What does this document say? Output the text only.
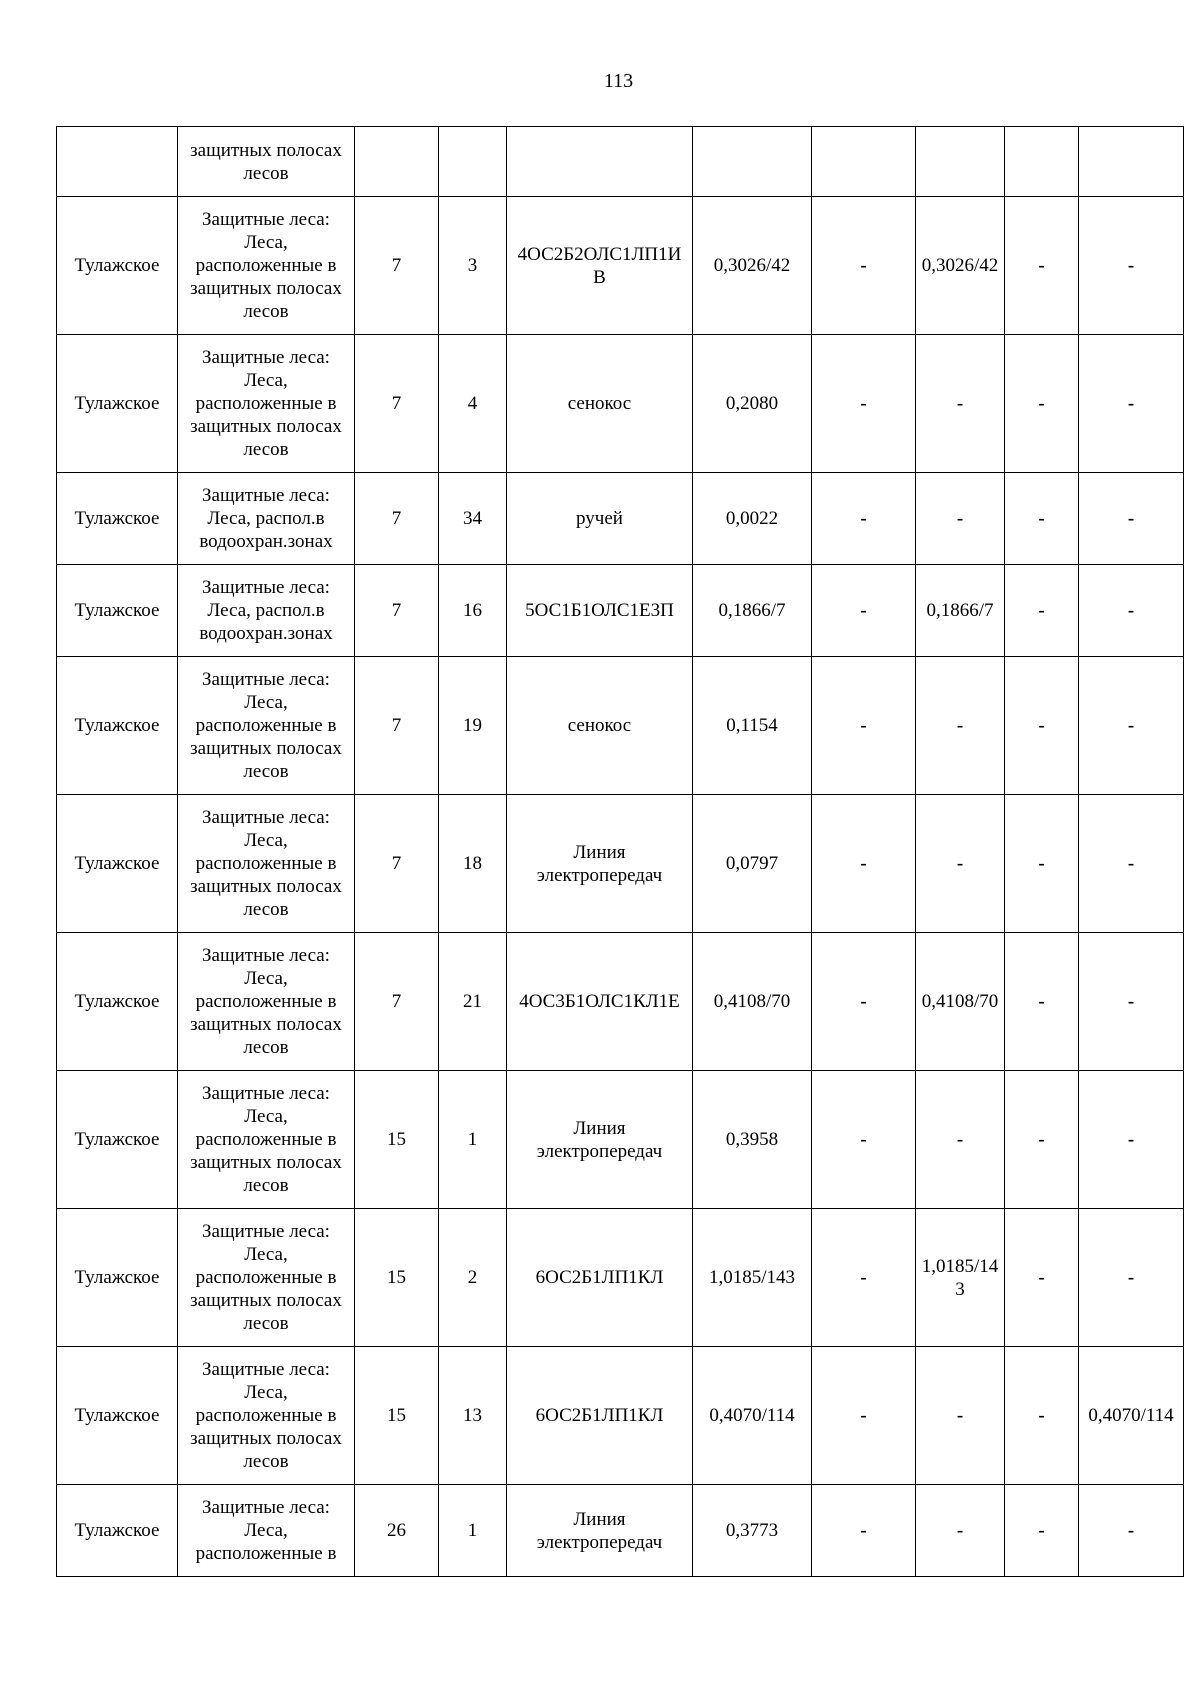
113
	защитных полосах
лесов								
Тулажское	Защитные леса:
Леса,
расположенные в
защитных полосах
лесов	7	3	4ОС2Б2ОЛС1ЛП1И В	0,3026/42	-	0,3026/42	-	-
Тулажское	Защитные леса:
Леса,
расположенные в
защитных полосах
лесов	7	4	сенокос	0,2080	-	-	-	-
Тулажское	Защитные леса:
Леса, распол.в
водоохран.зонах	7	34	ручей	0,0022	-	-	-	-
Тулажское	Защитные леса:
Леса, распол.в
водоохран.зонах	7	16	5ОС1Б1ОЛС1Е3П	0,1866/7	-	0,1866/7	-	-
Тулажское	Защитные леса:
Леса,
расположенные в
защитных полосах
лесов	7	19	сенокос	0,1154	-	-	-	-
Тулажское	Защитные леса:
Леса,
расположенные в
защитных полосах
лесов	7	18	Линия электропередач	0,0797	-	-	-	-
Тулажское	Защитные леса:
Леса,
расположенные в
защитных полосах
лесов	7	21	4ОС3Б1ОЛС1КЛ1Е	0,4108/70	-	0,4108/70	-	-
Тулажское	Защитные леса:
Леса,
расположенные в
защитных полосах
лесов	15	1	Линия электропередач	0,3958	-	-	-	-
Тулажское	Защитные леса:
Леса,
расположенные в
защитных полосах
лесов	15	2	6ОС2Б1ЛП1КЛ	1,0185/143	-	1,0185/143	-	-
Тулажское	Защитные леса:
Леса,
расположенные в
защитных полосах
лесов	15	13	6ОС2Б1ЛП1КЛ	0,4070/114	-	-	-	0,4070/114
Тулажское	Защитные леса:
Леса,
расположенные в	26	1	Линия электропередач	0,3773	-	-	-	-
